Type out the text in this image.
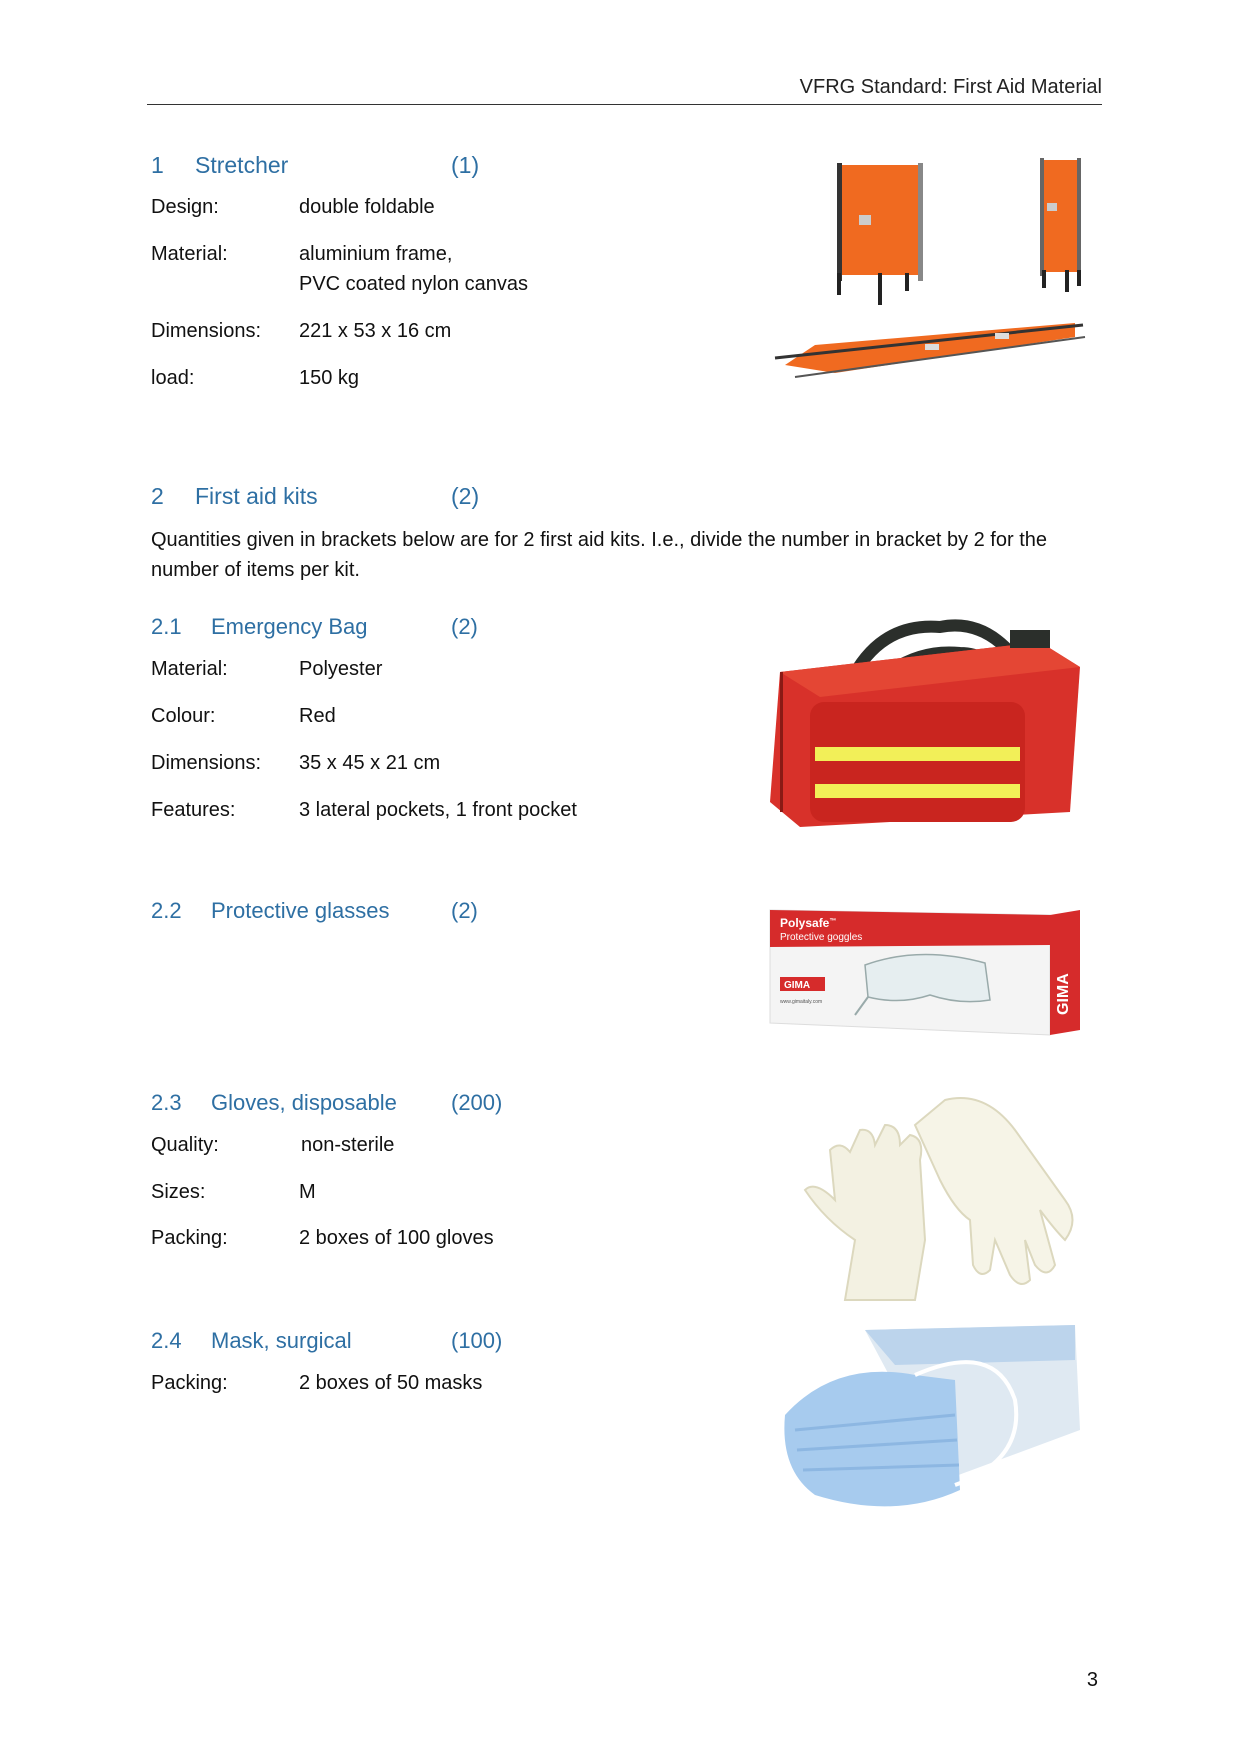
VFRG Standard: First Aid Material
1 Stretcher	(1)
Design:	double foldable
Material:	aluminium frame,
PVC coated nylon canvas
Dimensions: 221 x 53 x 16 cm
load:	150 kg
2 First aid kits	(2)
Quantities given in brackets below are for 2 first aid kits. I.e., divide the number in bracket by 2 for the
number of items per kit.
2.1 Emergency Bag	(2)
Material:	Polyester
Colour:	Red
Dimensions: 35 x 45 x 21 cm
Features:	3 lateral pockets, 1 front pocket
2.2 Protective glasses	(2)	Polysafe™
Protective goggles
GIMA
www.gimaitaly.com	GIMA
2.3 Gloves, disposable (200)
Quality:	non-sterile
Sizes:	M
Packing:	2 boxes of 100 gloves
2.4 Mask, surgical	(100)
Packing:	2 boxes of 50 masks
3
